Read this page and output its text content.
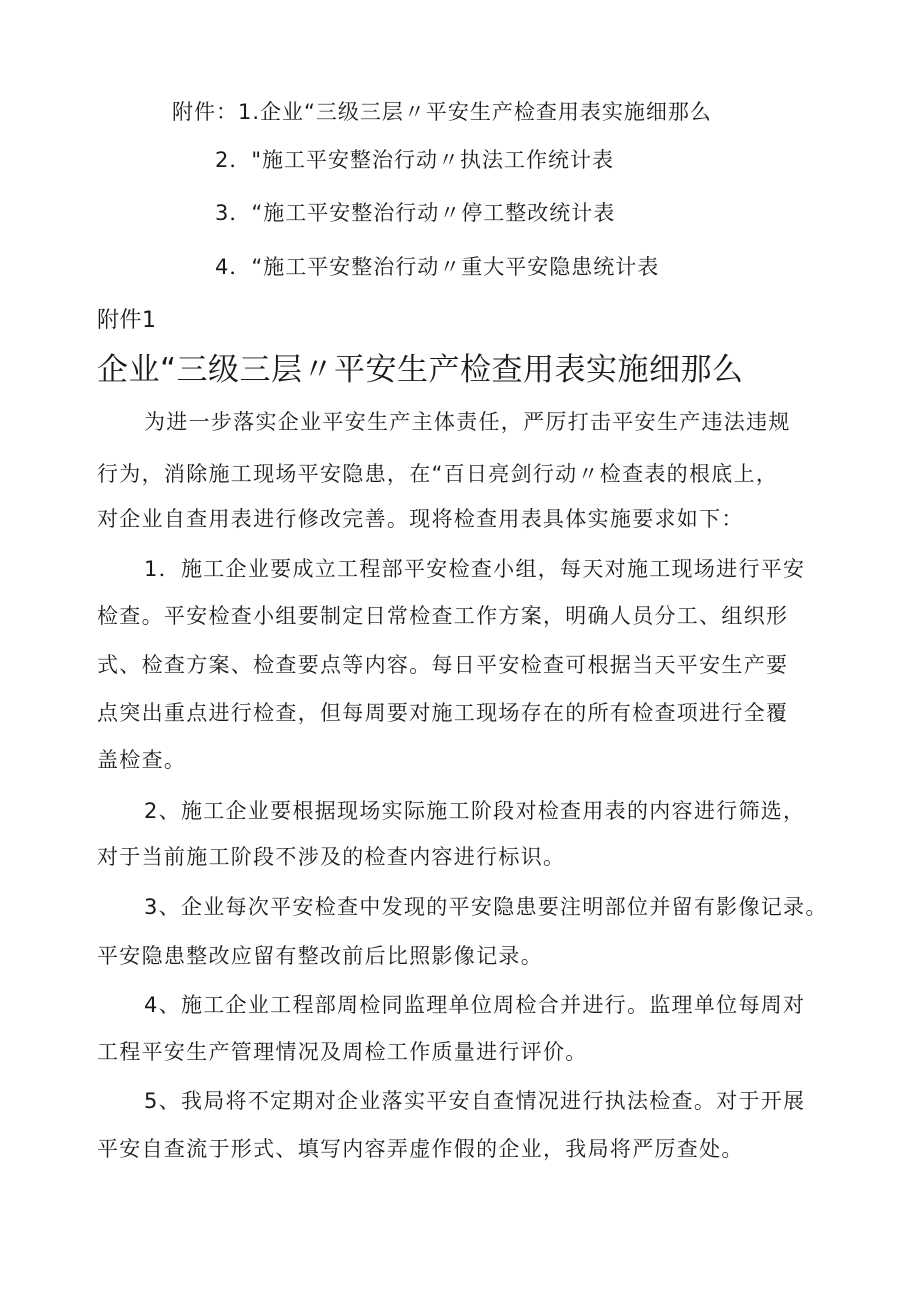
附件：1.企业“三级三层〃平安生产检查用表实施细那么
2．"施工平安整治行动〃执法工作统计表
3．“施工平安整治行动〃停工整改统计表
4．“施工平安整治行动〃重大平安隐患统计表
附件1
企业“三级三层〃平安生产检查用表实施细那么
为进一步落实企业平安生产主体责任，严厉打击平安生产违法违规
行为，消除施工现场平安隐患，在“百日亮剑行动〃检查表的根底上，
对企业自查用表进行修改完善。现将检查用表具体实施要求如下：
1．施工企业要成立工程部平安检查小组，每天对施工现场进行平安
检查。平安检查小组要制定日常检查工作方案，明确人员分工、组织形
式、检查方案、检查要点等内容。每日平安检查可根据当天平安生产要
点突出重点进行检查，但每周要对施工现场存在的所有检查项进行全覆
盖检查。
2、施工企业要根据现场实际施工阶段对检查用表的内容进行筛选，
对于当前施工阶段不涉及的检查内容进行标识。
3、企业每次平安检查中发现的平安隐患要注明部位并留有影像记录。
平安隐患整改应留有整改前后比照影像记录。
4、施工企业工程部周检同监理单位周检合并进行。监理单位每周对
工程平安生产管理情况及周检工作质量进行评价。
5、我局将不定期对企业落实平安自查情况进行执法检查。对于开展
平安自查流于形式、填写内容弄虚作假的企业，我局将严厉查处。
